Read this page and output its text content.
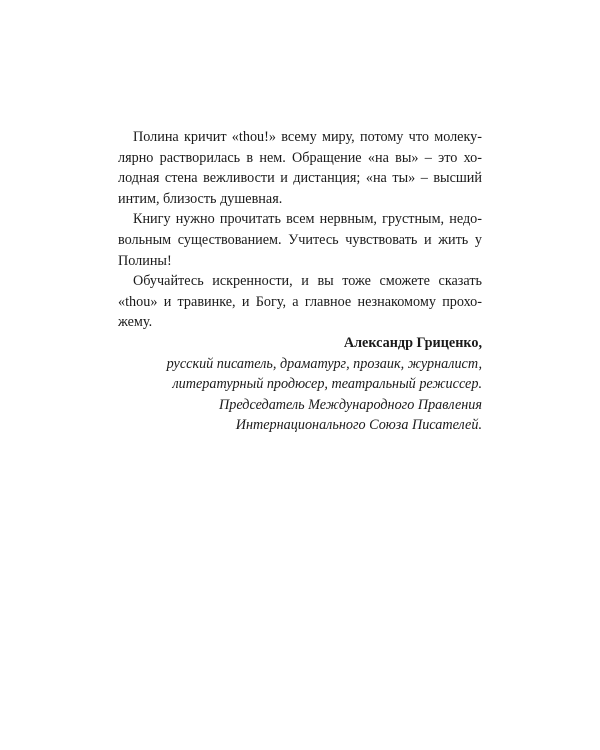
Полина кричит «thou!» всему миру, потому что молеку-
лярно растворилась в нем. Обращение «на вы» – это хо-
лодная стена вежливости и дистанция; «на ты» – высший
интим, близость душевная.
Книгу нужно прочитать всем нервным, грустным, недо-
вольным существованием. Учитесь чувствовать и жить у
Полины!
Обучайтесь искренности, и вы тоже сможете сказать
«thou» и травинке, и Богу, а главное незнакомому прохо-
жему.
Александр Гриценко,
русский писатель, драматург, прозаик, журналист,
литературный продюсер, театральный режиссер.
Председатель Международного Правления
Интернационального Союза Писателей.
